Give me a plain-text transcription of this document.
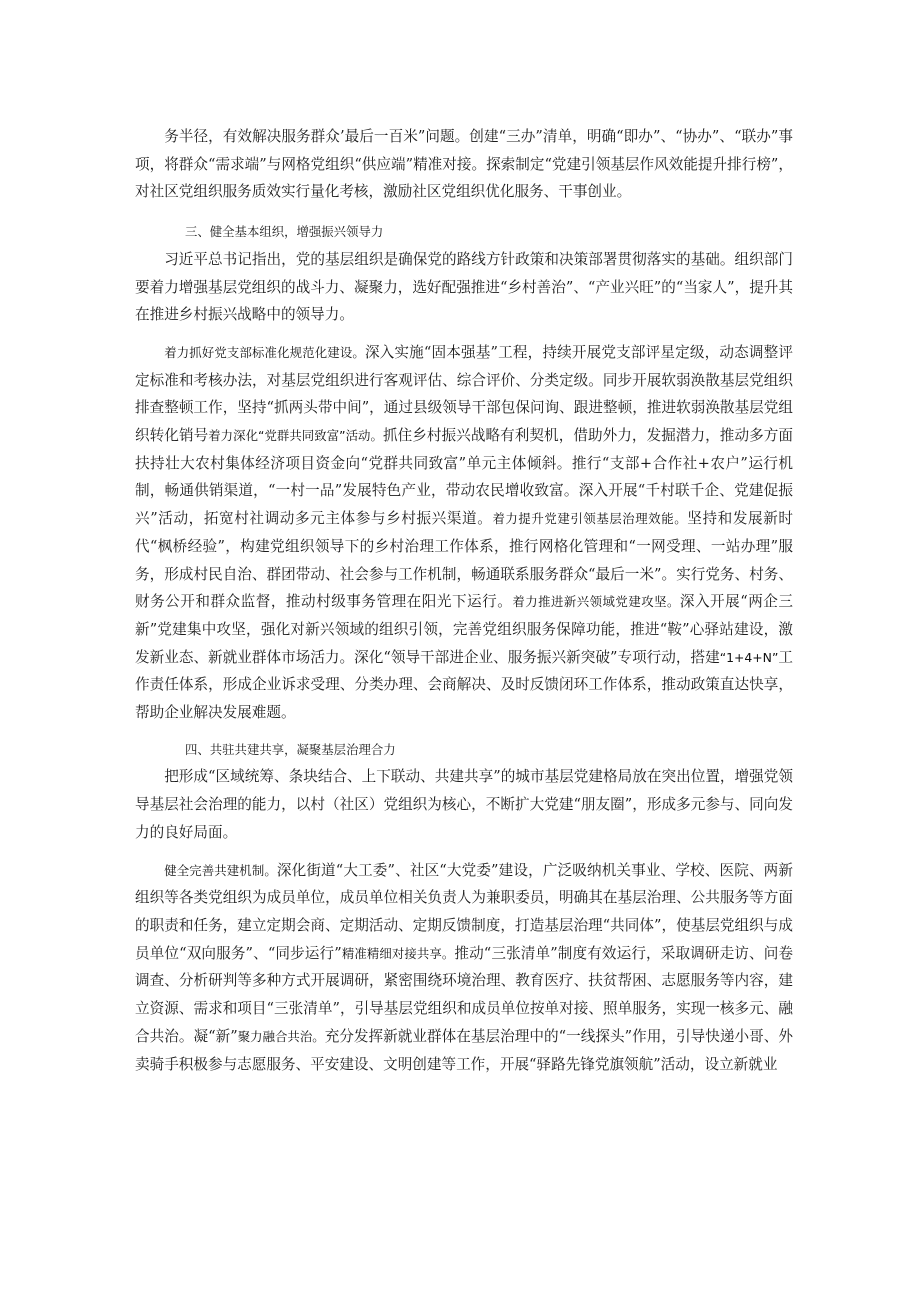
务半径，有效解决服务群众’最后一百米”问题。创建“三办”清单，明确“即办”、“协办”、“联办”事项，将群众“需求端”与网格党组织“供应端”精准对接。探索制定“党建引领基层作风效能提升排行榜”，对社区党组织服务质效实行量化考核，激励社区党组织优化服务、干事创业。

三、健全基本组织，增强振兴领导力

习近平总书记指出，党的基层组织是确保党的路线方针政策和决策部署贯彻落实的基础。组织部门要着力增强基层党组织的战斗力、凝聚力，选好配强推进“乡村善治”、“产业兴旺”的“当家人”，提升其在推进乡村振兴战略中的领导力。

着力抓好党支部标准化规范化建设。深入实施“固本强基”工程，持续开展党支部评星定级，动态调整评定标准和考核办法，对基层党组织进行客观评估、综合评价、分类定级。同步开展软弱涣散基层党组织排查整顿工作，坚持“抓两头带中间”，通过县级领导干部包保问询、跟进整顿，推进软弱涣散基层党组织转化销号着力深化“党群共同致富”活动。抓住乡村振兴战略有利契机，借助外力，发掘潜力，推动多方面扶持壮大农村集体经济项目资金向“党群共同致富”单元主体倾斜。推行“支部+合作社+农户”运行机制，畅通供销渠道，“一村一品”发展特色产业，带动农民增收致富。深入开展“千村联千企、党建促振兴”活动，拓宽村社调动多元主体参与乡村振兴渠道。着力提升党建引领基层治理效能。坚持和发展新时代“枫桥经验”，构建党组织领导下的乡村治理工作体系，推行网格化管理和“一网受理、一站办理”服务，形成村民自治、群团带动、社会参与工作机制，畅通联系服务群众“最后一米”。实行党务、村务、财务公开和群众监督，推动村级事务管理在阳光下运行。着力推进新兴领域党建攻坚。深入开展“两企三新”党建集中攻坚，强化对新兴领域的组织引领，完善党组织服务保障功能，推进“鞍”心驿站建设，激发新业态、新就业群体市场活力。深化“领导干部进企业、服务振兴新突破”专项行动，搭建“1+4+N”工作责任体系，形成企业诉求受理、分类办理、会商解决、及时反馈闭环工作体系，推动政策直达快享，帮助企业解决发展难题。

四、共驻共建共享，凝聚基层治理合力

把形成“区域统筹、条块结合、上下联动、共建共享”的城市基层党建格局放在突出位置，增强党领导基层社会治理的能力，以村（社区）党组织为核心，不断扩大党建“朋友圈”，形成多元参与、同向发力的良好局面。

健全完善共建机制。深化街道“大工委”、社区“大党委”建设，广泛吸纳机关事业、学校、医院、两新组织等各类党组织为成员单位，成员单位相关负责人为兼职委员，明确其在基层治理、公共服务等方面的职责和任务，建立定期会商、定期活动、定期反馈制度，打造基层治理“共同体”，使基层党组织与成员单位“双向服务”、“同步运行”精准精细对接共享。推动“三张清单”制度有效运行，采取调研走访、问卷调查、分析研判等多种方式开展调研，紧密围绕环境治理、教育医疗、扶贫帮困、志愿服务等内容，建立资源、需求和项目“三张清单”，引导基层党组织和成员单位按单对接、照单服务，实现一核多元、融合共治。凝“新”聚力融合共治。充分发挥新就业群体在基层治理中的“一线探头”作用，引导快递小哥、外卖骑手积极参与志愿服务、平安建设、文明创建等工作，开展“驿路先锋党旗领航”活动，设立新就业
